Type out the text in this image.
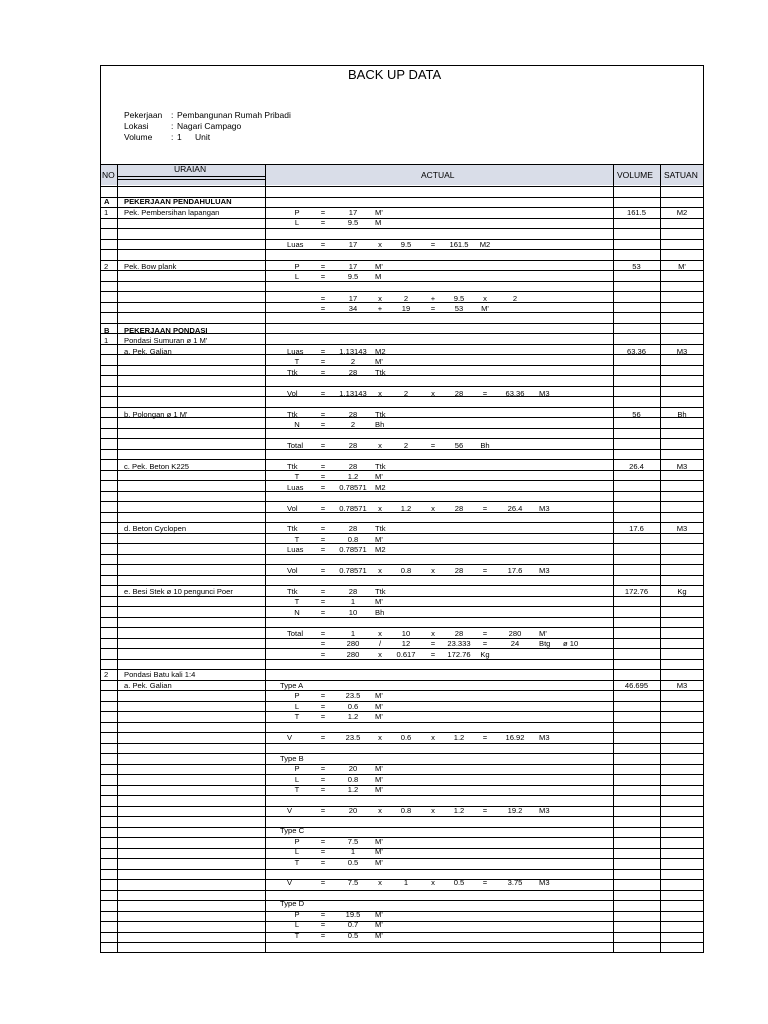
BACK UP DATA
Pekerjaan : Pembangunan Rumah Pribadi
Lokasi	: Nagari Campago
Volume : 1 Unit
NO
URAIAN
ACTUAL	VOLUME SATUAN
A PEKERJAAN PENDAHULUAN
1 Pek. Pembersihan lapangan	P	=	17	M'	161.5	M2
L	=	9.5	M
Luas	=	17	x	9.5	=	161.5	M2
2 Pek. Bow plank	P	=	17	M'	53	M'
L	=	9.5	M
=	17	x	2	+	9.5	x	2
=	34	+	19	=	53	M'
B PEKERJAAN PONDASI
1 Pondasi Sumuran ø 1 M'
a. Pek. Galian	Luas	=	1.13143	M2	63.36	M3
T	=	2	M'
Ttk	=	28	Ttk
Vol	=	1.13143	x	2	x	28	=	63.36	M3
b. Polongan ø 1 M'	Ttk	=	28	Ttk	56	Bh
N	=	2	Bh
Total	=	28	x	2	=	56	Bh
c. Pek. Beton K225	Ttk	=	28	Ttk	26.4	M3
T	=	1.2	M'
Luas	=	0.78571	M2
Vol	=	0.78571	x	1.2	x	28	=	26.4	M3
d. Beton Cyclopen	Ttk	=	28	Ttk	17.6	M3
T	=	0.8	M'
Luas	=	0.78571	M2
Vol	=	0.78571	x	0.8	x	28	=	17.6	M3
e. Besi Stek ø 10 pengunci Poer	Ttk	=	28	Ttk	172.76	Kg
T	=	1	M'
N	=	10	Bh
Total	=	1	x	10	x	28	=	280	M'
=	280	/	12	=	23.333	=	24	Btg ø 10
=	280	x	0.617	=	172.76	Kg
2 Pondasi Batu kali 1:4
a. Pek. Galian	Type A	46.695	M3
P	=	23.5	M'
L	=	0.6	M'
T	=	1.2	M'
V	=	23.5	x	0.6	x	1.2	=	16.92	M3
Type B
P	=	20	M'
L	=	0.8	M'
T	=	1.2	M'
V	=	20	x	0.8	x	1.2	=	19.2	M3
Type C
P	=	7.5	M'
L	=	1	M'
T	=	0.5	M'
V	=	7.5	x	1	x	0.5	=	3.75	M3
Type D
P	=	19.5	M'
L	=	0.7	M'
T	=	0.5	M'
